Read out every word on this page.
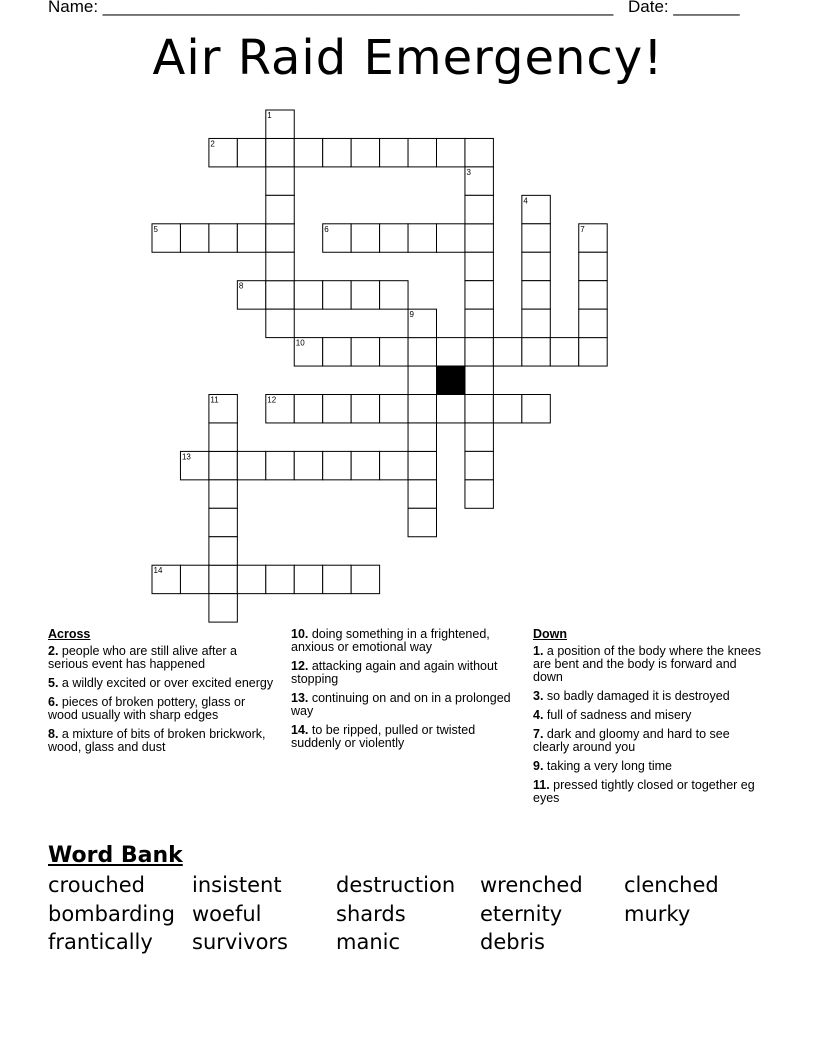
Name: ______________________________________________________ Date: _______
Air Raid Emergency!
1
2
3
4
5	6	7
8
9
10
11	12
13
14
Across
2. people who are still alive after a serious event has happened
5. a wildly excited or over excited energy
6. pieces of broken pottery, glass or wood usually with sharp edges
8. a mixture of bits of broken brickwork, wood, glass and dust
10. doing something in a frightened, anxious or emotional way
12. attacking again and again without stopping
13. continuing on and on in a prolonged way
14. to be ripped, pulled or twisted suddenly or violently
Down
1. a position of the body where the knees are bent and the body is forward and down
3. so badly damaged it is destroyed
4. full of sadness and misery
7. dark and gloomy and hard to see clearly around you
9. taking a very long time
11. pressed tightly closed or together eg eyes
Word Bank
crouched insistent	destruction wrenched clenched
bombarding woeful	shards	eternity	murky
frantically survivors manic	debris
